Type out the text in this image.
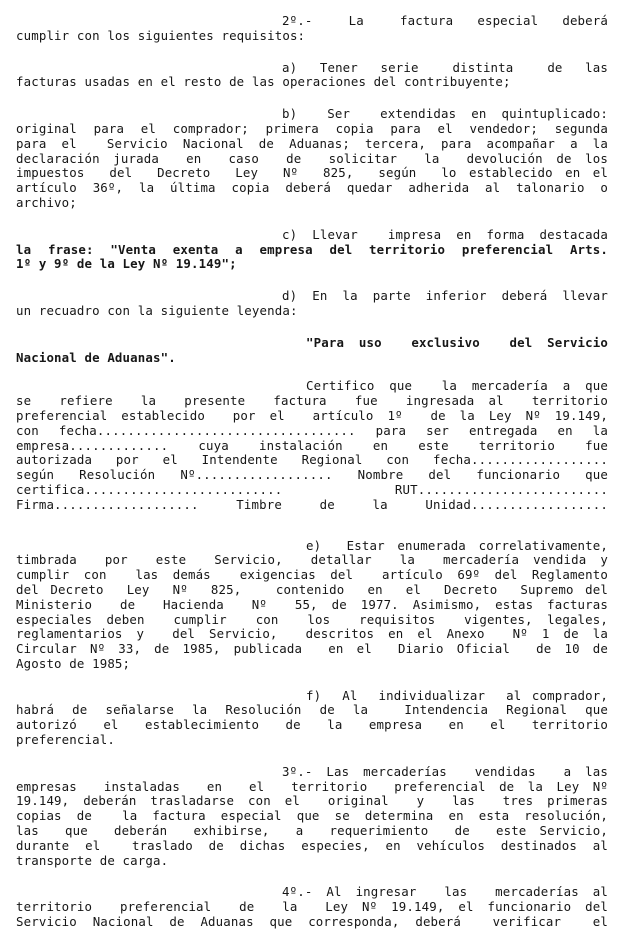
2º.-   La   factura  especial  deberá
cumplir con los siguientes requisitos:
a)  Tener  serie   distinta   de  las
facturas usadas en el resto de las operaciones del contribuyente;
b)  Ser  extendidas en quintuplicado:
original para el comprador; primera copia para el vendedor; segunda
para el  Servicio Nacional de Aduanas; tercera, para acompañar a la
declaración jurada  en  caso  de  solicitar  la  devolución de los
impuestos  del  Decreto  Ley  Nº  825,  según  lo establecido en el
artículo 36º, la última copia deberá quedar adherida al talonario o
archivo;
c) Llevar  impresa en forma destacada
la frase: "Venta exenta a empresa del territorio preferencial Arts.
1º y 9º de la Ley Nº 19.149";
d) En la parte inferior deberá llevar
un recuadro con la siguiente leyenda:
"Para uso  exclusivo  del Servicio
Nacional de Aduanas".
Certifico que  la mercadería a que
se  refiere  la  presente  factura  fue  ingresada al  territorio
preferencial establecido  por el  artículo 1º  de la Ley Nº 19.149,
con fecha.................................. para ser entregada en la
empresa............. cuya instalación en este territorio fue
autorizada por el Intendente Regional con fecha..................
según Resolución Nº.................. Nombre del funcionario que
certifica.......................... RUT.........................
Firma................... Timbre de la Unidad..................
e)  Estar enumerada correlativamente,
timbrada  por  este  Servicio,  detallar  la  mercadería vendida y
cumplir con  las demás  exigencias del  artículo 69º del Reglamento
del Decreto  Ley  Nº  825,   contenido  en  el  Decreto  Supremo del
Ministerio  de  Hacienda  Nº  55, de 1977. Asimismo, estas facturas
especiales deben  cumplir  con  los  requisitos  vigentes, legales,
reglamentarios y  del Servicio,  descritos en el Anexo  Nº 1 de la
Circular Nº 33, de 1985, publicada  en el  Diario Oficial  de 10 de
Agosto de 1985;
f)  Al  individualizar  al comprador,
habrá de señalarse la Resolución de la  Intendencia Regional que
autorizó  el  establecimiento  de  la  empresa  en  el  territorio
preferencial.
3º.- Las mercaderías  vendidas  a las
empresas  instaladas  en  el  territorio  preferencial de la Ley Nº
19.149, deberán trasladarse con el  original  y  las  tres primeras
copias de  la factura especial que se determina en esta resolución,
las  que  deberán  exhibirse,  a  requerimiento  de  este Servicio,
durante el  traslado de dichas especies, en vehículos destinados al
transporte de carga.
4º.- Al ingresar  las  mercaderías al
territorio  preferencial  de  la  Ley Nº 19.149, el funcionario del
Servicio Nacional de Aduanas que corresponda, deberá  verificar  el
